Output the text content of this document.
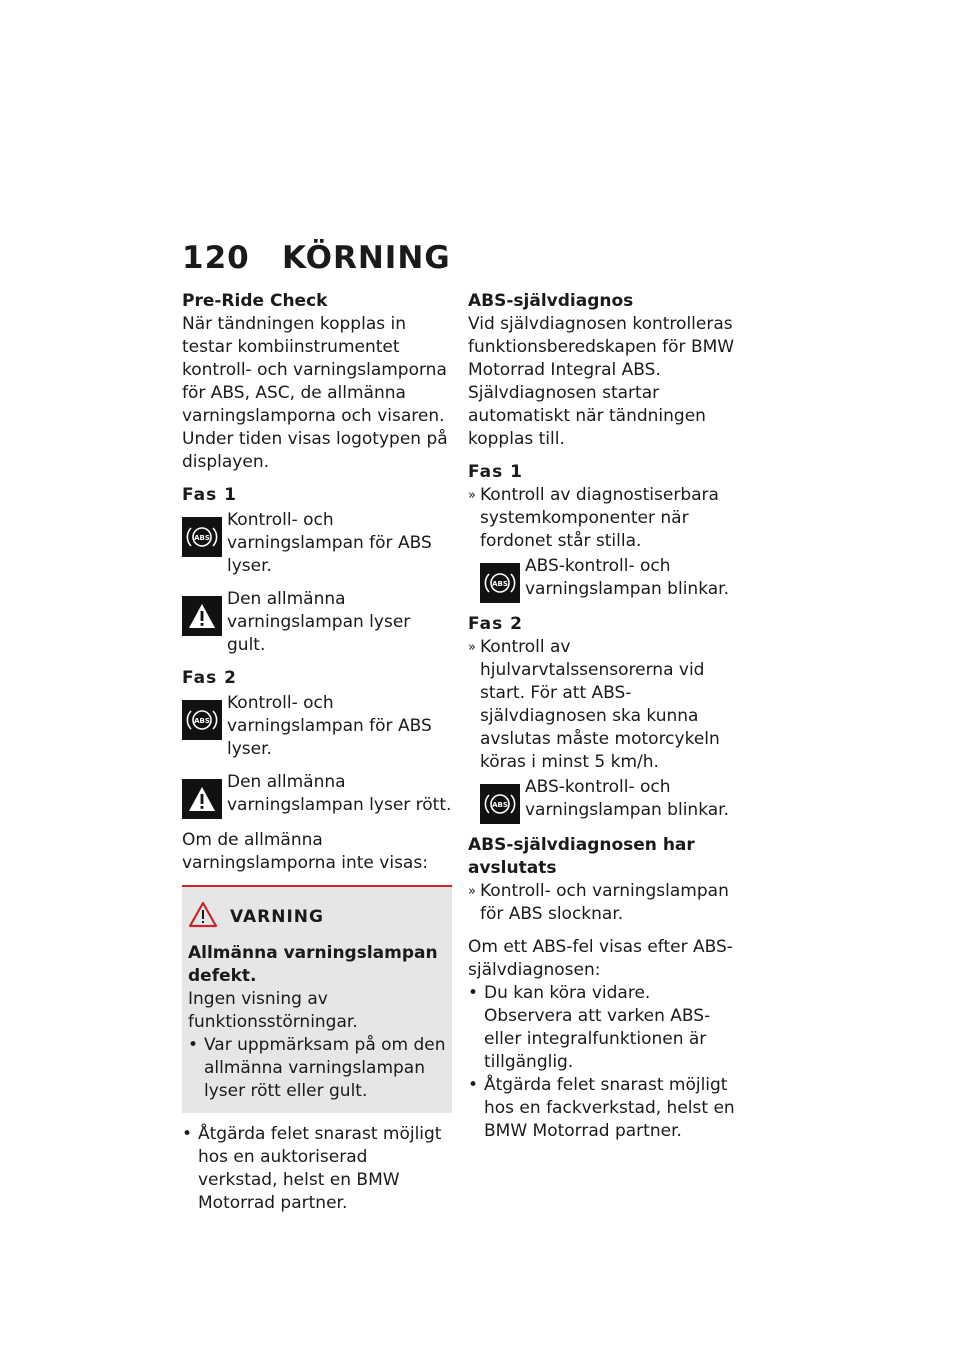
120 KÖRNING
Pre-Ride Check
När tändningen kopplas in testar kombiinstrumentet kontroll- och varningslamporna för ABS, ASC, de allmänna varningslamporna och visaren. Under tiden visas logotypen på displayen.
Fas 1
ABS
Kontroll- och varningslampan för ABS lyser.
Den allmänna varningslampan lyser gult.
Fas 2
ABS
Kontroll- och varningslampan för ABS lyser.
Den allmänna varningslampan lyser rött.
Om de allmänna varningslamporna inte visas:
VARNING
Allmänna varningslampan defekt.
Ingen visning av funktionsstörningar.
• Var uppmärksam på om den allmänna varningslampan lyser rött eller gult.
• Åtgärda felet snarast möjligt hos en auktoriserad verkstad, helst en BMW Motorrad partner.
ABS-självdiagnos
Vid självdiagnosen kontrolleras funktionsberedskapen för BMW Motorrad Integral ABS. Självdiagnosen startar automatiskt när tändningen kopplas till.
Fas 1
» Kontroll av diagnostiserbara systemkomponenter när fordonet står stilla.
ABS
ABS-kontroll- och varningslampan blinkar.
Fas 2
» Kontroll av hjulvarvtalssensorerna vid start. För att ABS-självdiagnosen ska kunna avslutas måste motorcykeln köras i minst 5 km/h.
ABS
ABS-kontroll- och varningslampan blinkar.
ABS-självdiagnosen har avslutats
» Kontroll- och varningslampan för ABS slocknar.
Om ett ABS-fel visas efter ABS-självdiagnosen:
• Du kan köra vidare. Observera att varken ABS- eller integralfunktionen är tillgänglig.
• Åtgärda felet snarast möjligt hos en fackverkstad, helst en BMW Motorrad partner.
